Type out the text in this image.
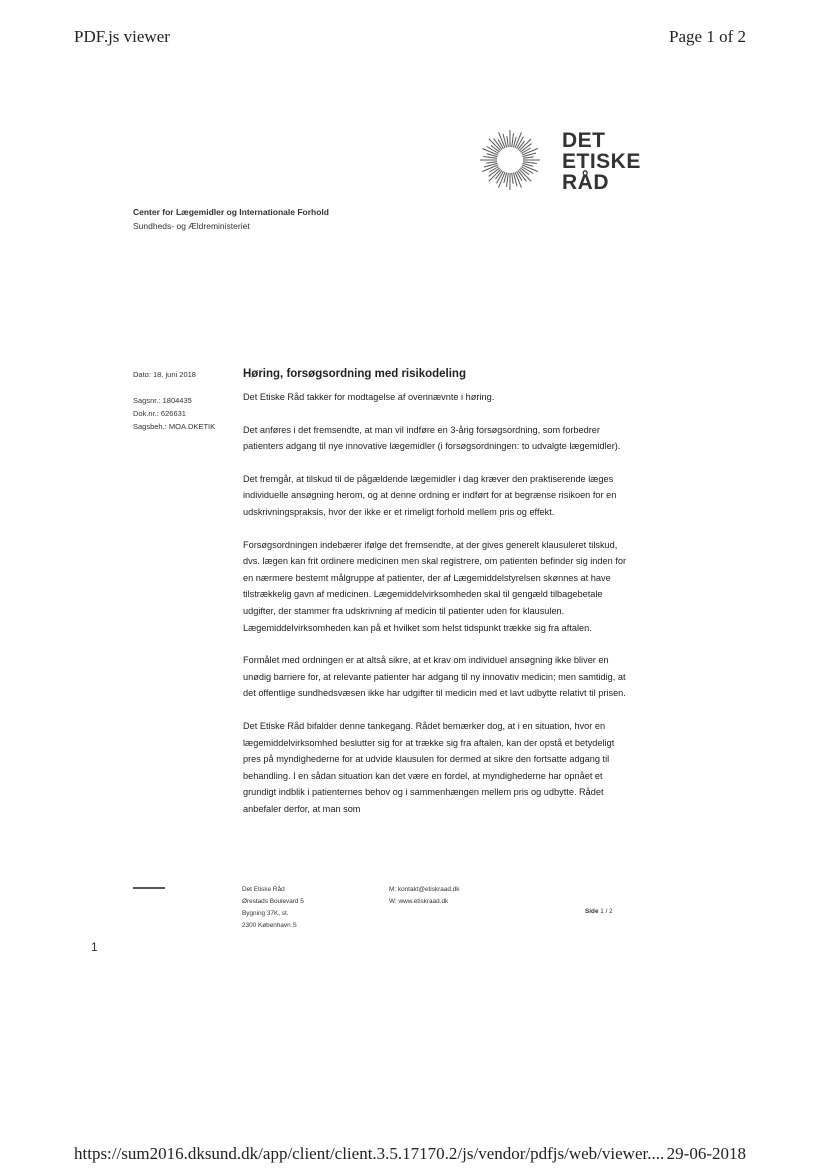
PDF.js viewer	Page 1 of 2
DET
ETISKE
RÅD
Center for Lægemidler og Internationale Forhold
Sundheds- og Ældreministeriet
Dato: 18. juni 2018
Sagsnr.: 1804435
Dok.nr.: 626631
Sagsbeh.: MOA.DKETIK
Høring, forsøgsordning med risikodeling

Det Etiske Råd takker for modtagelse af ovennævnte i høring.

Det anføres i det fremsendte, at man vil indføre en 3-årig forsøgsordning, som forbedrer patienters adgang til nye innovative lægemidler (i forsøgsordningen: to udvalgte lægemidler).

Det fremgår, at tilskud til de pågældende lægemidler i dag kræver den praktiserende læges individuelle ansøgning herom, og at denne ordning er indført for at begrænse risikoen for en udskrivningspraksis, hvor der ikke er et rimeligt forhold mellem pris og effekt.

Forsøgsordningen indebærer ifølge det fremsendte, at der gives generelt klausuleret tilskud, dvs. lægen kan frit ordinere medicinen men skal registrere, om patienten befinder sig inden for en nærmere bestemt målgruppe af patienter, der af Lægemiddelstyrelsen skønnes at have tilstrækkelig gavn af medicinen. Lægemiddelvirksomheden skal til gengæld tilbagebetale udgifter, der stammer fra udskrivning af medicin til patienter uden for klausulen. Lægemiddelvirksomheden kan på et hvilket som helst tidspunkt trække sig fra aftalen.

Formålet med ordningen er at altså sikre, at et krav om individuel ansøgning ikke bliver en unødig barriere for, at relevante patienter har adgang til ny innovativ medicin; men samtidig, at det offentlige sundhedsvæsen ikke har udgifter til medicin med et lavt udbytte relativt til prisen.

Det Etiske Råd bifalder denne tankegang. Rådet bemærker dog, at i en situation, hvor en lægemiddelvirksomhed beslutter sig for at trække sig fra aftalen, kan der opstå et betydeligt pres på myndighederne for at udvide klausulen for dermed at sikre den fortsatte adgang til behandling. I en sådan situation kan det være en fordel, at myndighederne har opnået et grundigt indblik i patienternes behov og i sammenhængen mellem pris og udbytte. Rådet anbefaler derfor, at man som

Det Etiske Råd
Ørestads Boulevard 5
Bygning 37K, st.
2300 København S
M: kontakt@etiskraad.dk
W: www.etiskraad.dk
Side 1 / 2
1
https://sum2016.dksund.dk/app/client/client.3.5.17170.2/js/vendor/pdfjs/web/viewer.... 29-06-2018
